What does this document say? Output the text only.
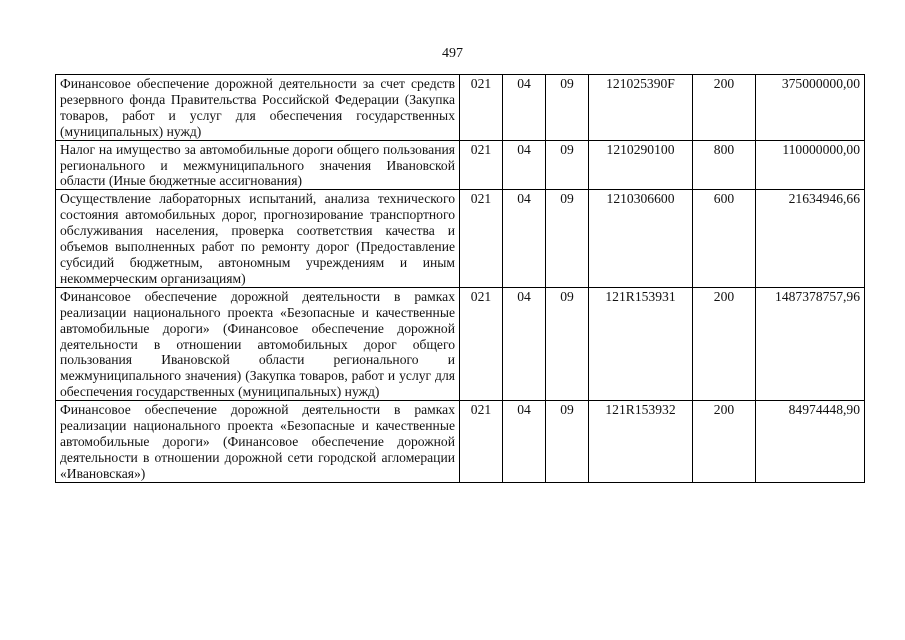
497
Финансовое обеспечение дорожной деятельности за счет средств резервного фонда Правительства Российской Федерации (Закупка товаров, работ и услуг для обеспечения государственных (муниципальных) нужд)	021	04	09	121025390F	200	375000000,00
Налог на имущество за автомобильные дороги общего пользования регионального и межмуниципального значения Ивановской области (Иные бюджетные ассигнования)	021	04	09	1210290100	800	110000000,00
Осуществление лабораторных испытаний, анализа технического состояния автомобильных дорог, прогнозирование транспортного обслуживания населения, проверка соответствия качества и объемов выполненных работ по ремонту дорог (Предоставление субсидий бюджетным, автономным учреждениям и иным некоммерческим организациям)	021	04	09	1210306600	600	21634946,66
Финансовое обеспечение дорожной деятельности в рамках реализации национального проекта «Безопасные и качественные автомобильные дороги» (Финансовое обеспечение дорожной деятельности в отношении автомобильных дорог общего пользования Ивановской области регионального и межмуниципального значения) (Закупка товаров, работ и услуг для обеспечения государственных (муниципальных) нужд)	021	04	09	121R153931	200	1487378757,96
Финансовое обеспечение дорожной деятельности в рамках реализации национального проекта «Безопасные и качественные автомобильные дороги» (Финансовое обеспечение дорожной деятельности в отношении дорожной сети городской агломерации «Ивановская»)	021	04	09	121R153932	200	84974448,90
